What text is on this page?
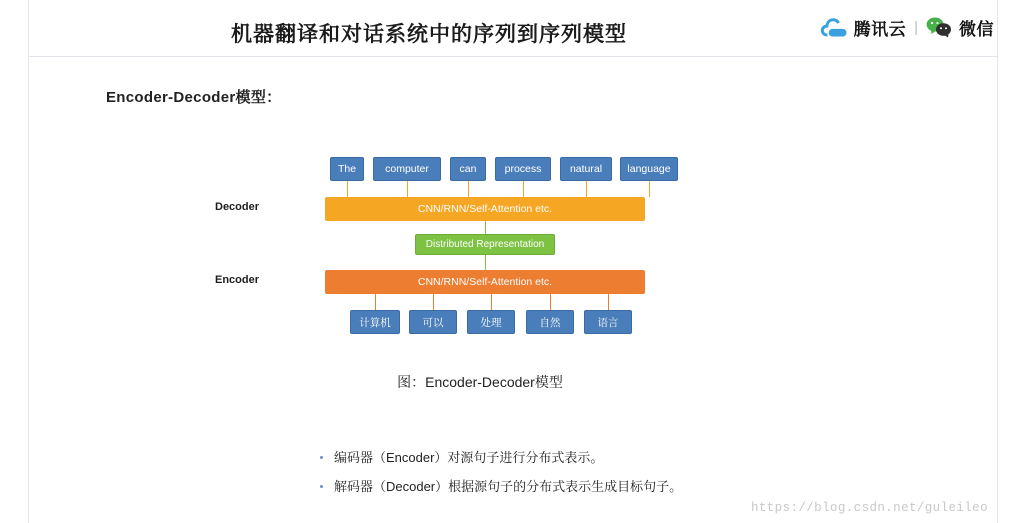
机器翻译和对话系统中的序列到序列模型	腾讯云 | 微信
Encoder-Decoder模型：
The	computer	can	process	natural	language
CNN/RNN/Self-Attention etc.
Decoder
Distributed Representation
CNN/RNN/Self-Attention etc.
Encoder
计算机	可以	处理	自然	语言
图：Encoder-Decoder模型
编码器（Encoder）对源句子进行分布式表示。
解码器（Decoder）根据源句子的分布式表示生成目标句子。
https://blog.csdn.net/guleileo
